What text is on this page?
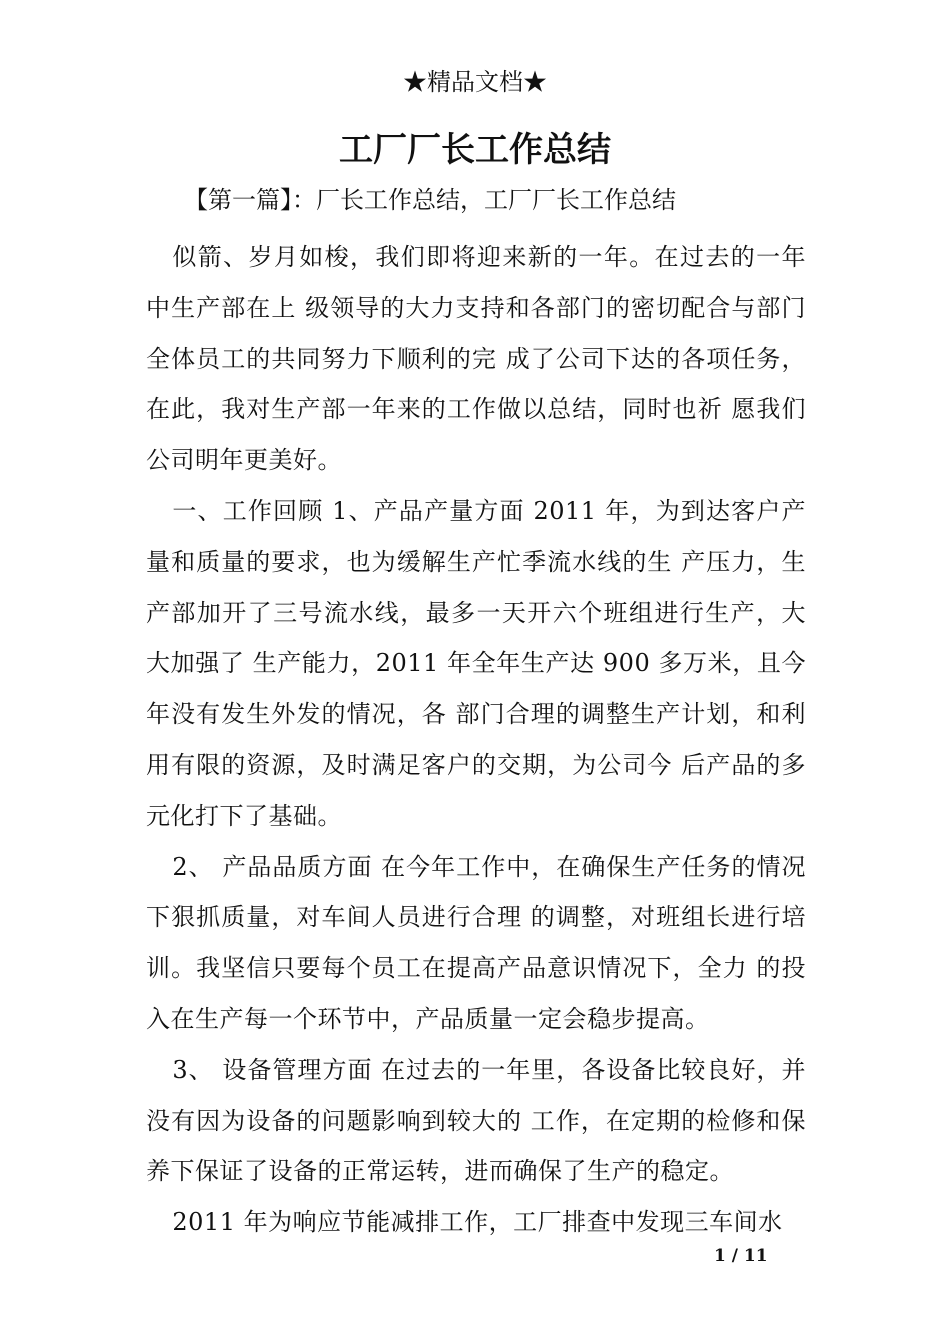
★精品文档★
工厂厂长工作总结

【第一篇】：厂长工作总结，工厂厂长工作总结

似箭、岁月如梭，我们即将迎来新的一年。在过去的一年中生产部在上 级领导的大力支持和各部门的密切配合与部门全体员工的共同努力下顺利的完 成了公司下达的各项任务，在此，我对生产部一年来的工作做以总结，同时也祈 愿我们公司明年更美好。

一、工作回顾 1、产品产量方面 2011 年，为到达客户产量和质量的要求，也为缓解生产忙季流水线的生 产压力，生产部加开了三号流水线，最多一天开六个班组进行生产，大大加强了 生产能力，2011 年全年生产达 900 多万米，且今年没有发生外发的情况，各 部门合理的调整生产计划，和利用有限的资源，及时满足客户的交期，为公司今 后产品的多元化打下了基础。

2、 产品品质方面 在今年工作中，在确保生产任务的情况下狠抓质量，对车间人员进行合理 的调整，对班组长进行培训。我坚信只要每个员工在提高产品意识情况下，全力 的投入在生产每一个环节中，产品质量一定会稳步提高。

3、 设备管理方面 在过去的一年里，各设备比较良好，并没有因为设备的问题影响到较大的 工作，在定期的检修和保养下保证了设备的正常运转，进而确保了生产的稳定。

2011 年为响应节能减排工作，工厂排查中发现三车间水

1 / 11
